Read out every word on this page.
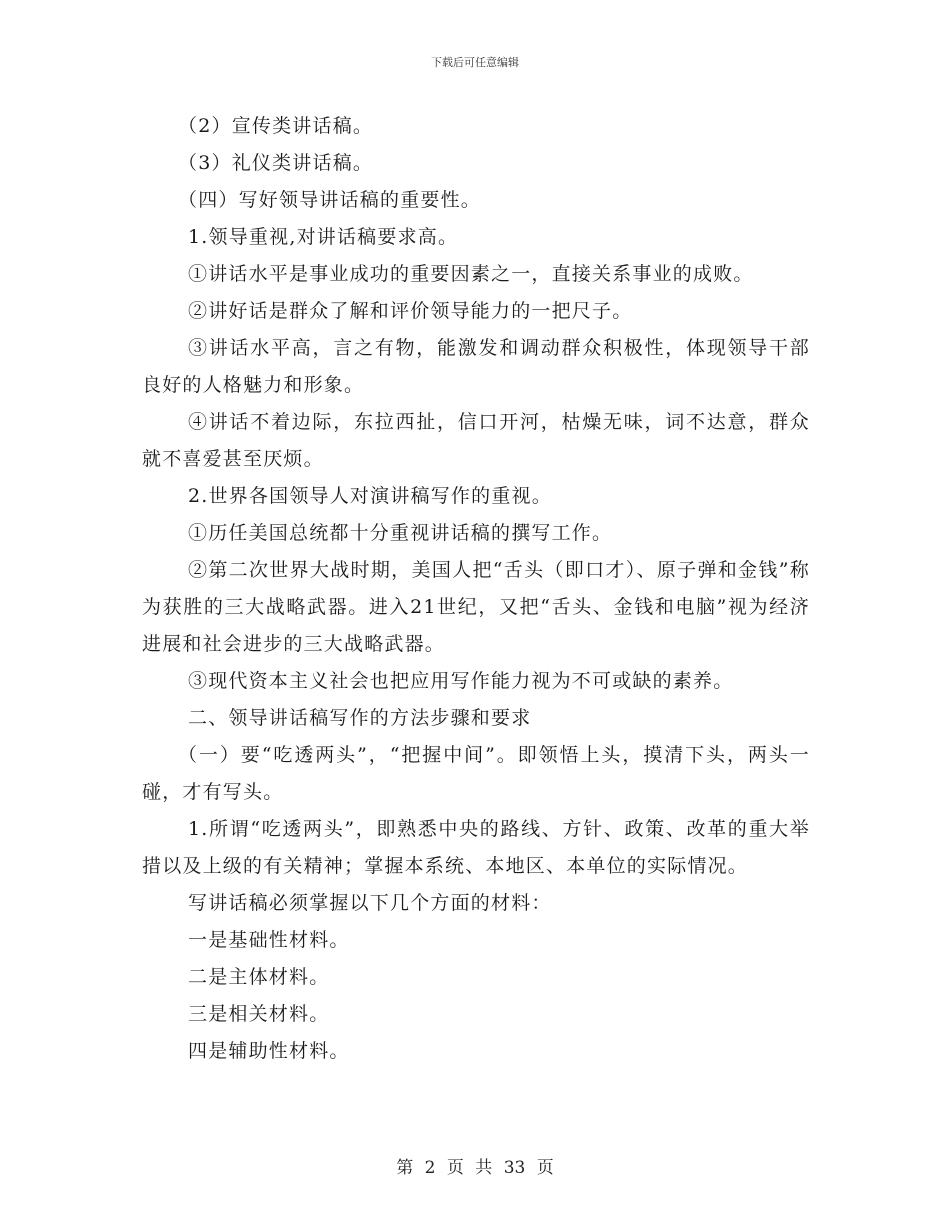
下载后可任意编辑

（2）宣传类讲话稿。

（3）礼仪类讲话稿。

（四）写好领导讲话稿的重要性。

1.领导重视,对讲话稿要求高。

①讲话水平是事业成功的重要因素之一，直接关系事业的成败。

②讲好话是群众了解和评价领导能力的一把尺子。

③讲话水平高，言之有物，能激发和调动群众积极性，体现领导干部良好的人格魅力和形象。

④讲话不着边际，东拉西扯，信口开河，枯燥无味，词不达意，群众就不喜爱甚至厌烦。

2.世界各国领导人对演讲稿写作的重视。

①历任美国总统都十分重视讲话稿的撰写工作。

②第二次世界大战时期，美国人把“舌头（即口才）、原子弹和金钱”称为获胜的三大战略武器。进入21世纪，又把“舌头、金钱和电脑”视为经济进展和社会进步的三大战略武器。

③现代资本主义社会也把应用写作能力视为不可或缺的素养。

二、领导讲话稿写作的方法步骤和要求

（一）要“吃透两头”，“把握中间”。即领悟上头，摸清下头，两头一碰，才有写头。

1.所谓“吃透两头”，即熟悉中央的路线、方针、政策、改革的重大举措以及上级的有关精神；掌握本系统、本地区、本单位的实际情况。

写讲话稿必须掌握以下几个方面的材料：

一是基础性材料。

二是主体材料。

三是相关材料。

四是辅助性材料。

第 2 页 共 33 页
